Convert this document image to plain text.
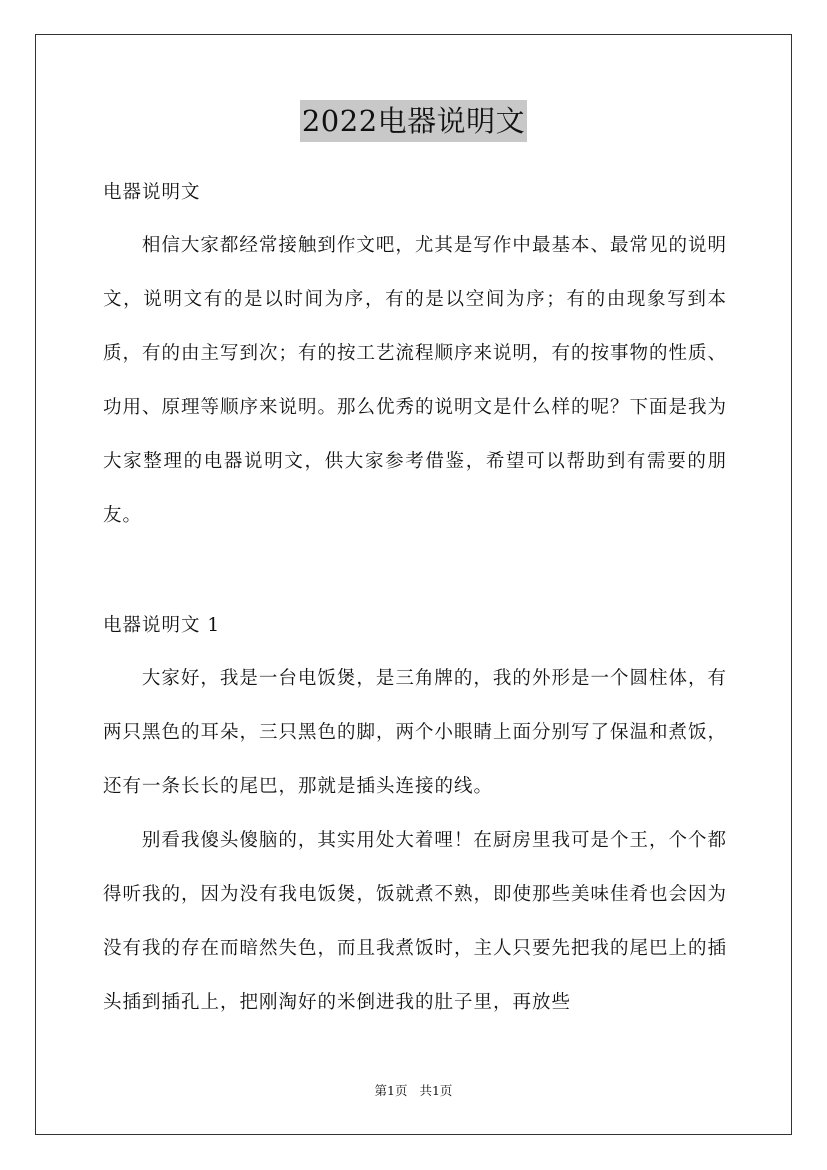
2022电器说明文
电器说明文

相信大家都经常接触到作文吧，尤其是写作中最基本、最常见的说明文，说明文有的是以时间为序，有的是以空间为序；有的由现象写到本质，有的由主写到次；有的按工艺流程顺序来说明，有的按事物的性质、功用、原理等顺序来说明。那么优秀的说明文是什么样的呢？下面是我为大家整理的电器说明文，供大家参考借鉴，希望可以帮助到有需要的朋友。

电器说明文 1

大家好，我是一台电饭煲，是三角牌的，我的外形是一个圆柱体，有两只黑色的耳朵，三只黑色的脚，两个小眼睛上面分别写了保温和煮饭，还有一条长长的尾巴，那就是插头连接的线。

别看我傻头傻脑的，其实用处大着哩！在厨房里我可是个王，个个都得听我的，因为没有我电饭煲，饭就煮不熟，即使那些美味佳肴也会因为没有我的存在而暗然失色，而且我煮饭时，主人只要先把我的尾巴上的插头插到插孔上，把刚淘好的米倒进我的肚子里，再放些

第1页 共1页
